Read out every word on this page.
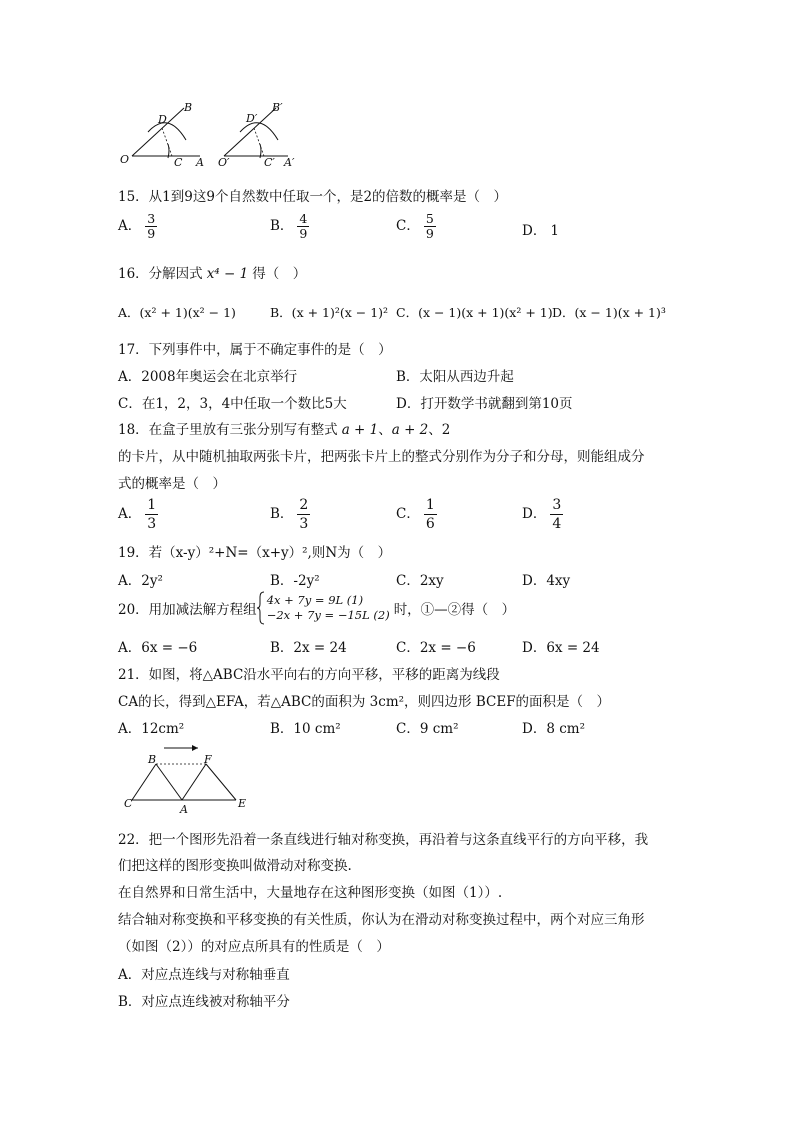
B
D
O	C A
B′
D′
O′	C′ A′
15．从1到9这9个自然数中任取一个，是2的倍数的概率是（　）
A． $\frac{3}{9}$	B． $\frac{4}{9}$	C． $\frac{5}{9}$	D． 1
16．分解因式 x⁴ − 1 得（　）
A．(x² + 1)(x² − 1)	B．(x + 1)²(x − 1)² C．(x − 1)(x + 1)(x² + 1) D．(x − 1)(x + 1)³
17．下列事件中，属于不确定事件的是（　）
A．2008年奥运会在北京举行	B．太阳从西边升起
C．在1，2，3，4中任取一个数比5大	D．打开数学书就翻到第10页
18．在盒子里放有三张分别写有整式 a + 1、a + 2、2
的卡片，从中随机抽取两张卡片，把两张卡片上的整式分别作为分子和分母，则能组成分
式的概率是（　）
A． $\frac{1}{3}$	B． $\frac{2}{3}$	C． $\frac{1}{6}$	D． $\frac{3}{4}$
19．若（x-y）²+N=（x+y）²,则N为（　）
A．2y²	B．-2y²	C．2xy	D．4xy
20．用加减法解方程组
4x + 7y = 9L (1)
−2x + 7y = −15L (2) 时，①—②得（　）
A．6x = −6	B．2x = 24	C．2x = −6	D．6x = 24
21．如图，将△ABC沿水平向右的方向平移，平移的距离为线段
CA的长，得到△EFA，若△ABC的面积为 3cm²，则四边形 BCEF的面积是（　）
A．12cm²	B．10 cm²	C．9 cm²	D．8 cm²
B	F
C	A	E
22．把一个图形先沿着一条直线进行轴对称变换，再沿着与这条直线平行的方向平移，我
们把这样的图形变换叫做滑动对称变换.
在自然界和日常生活中，大量地存在这种图形变换（如图（1））.
结合轴对称变换和平移变换的有关性质，你认为在滑动对称变换过程中，两个对应三角形
（如图（2））的对应点所具有的性质是（　）
A．对应点连线与对称轴垂直
B．对应点连线被对称轴平分
